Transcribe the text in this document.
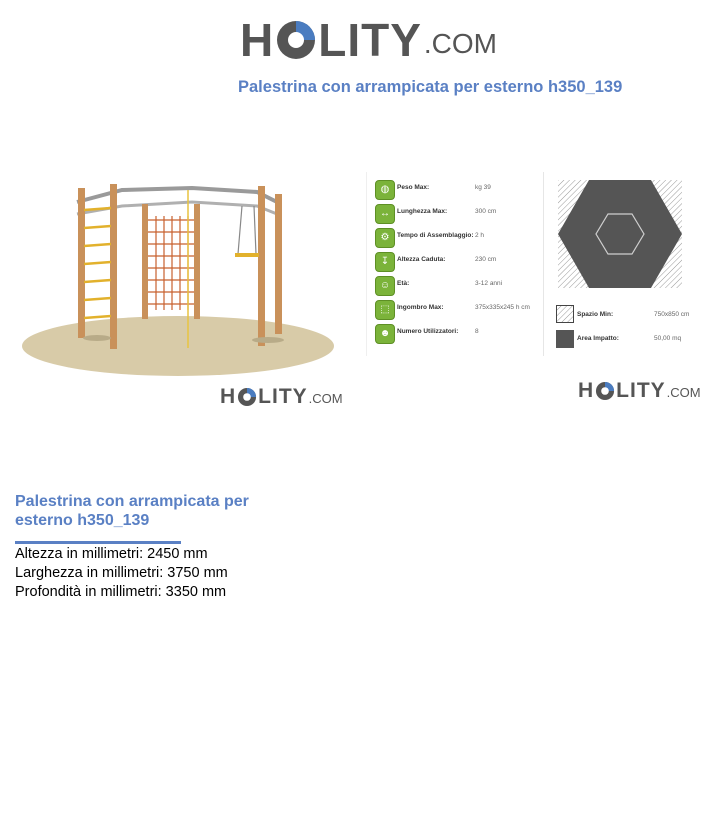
H LITY .COM
Palestrina con arrampicata per esterno h350_139
◍	Peso Max:	kg 39
↔	Lunghezza Max:	300 cm
⚙	Tempo di Assemblaggio: 2 h
↧	Altezza Caduta:	230 cm
☺	Età:	3-12 anni
⬚	Ingombro Max:	375x335x245 h cm
☻	Numero Utilizzatori:	8
Spazio Min:	750x850 cm
Area Impatto:	50,00 mq
H LITY .COM	H LITY .COM
Palestrina con arrampicata per esterno h350_139
Altezza in millimetri: 2450 mm
Larghezza in millimetri: 3750 mm
Profondità in millimetri: 3350 mm
